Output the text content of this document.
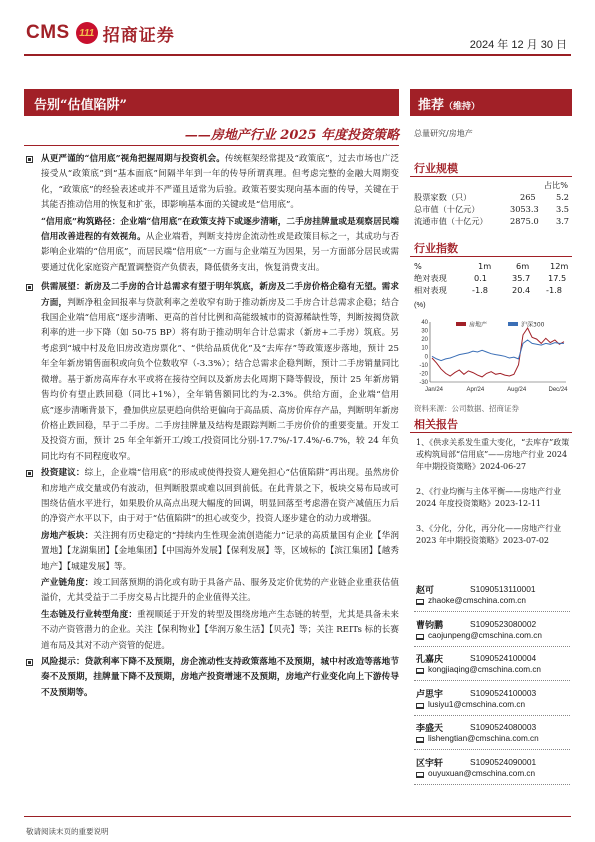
CMS 111 招商证券	2024 年 12 月 30 日
告别“估值陷阱”
——房地产行业 2025 年度投资策略
从更严谨的“信用底”视角把握周期与投资机会。传统框架经常提及“政策底”，过去市场也广泛接受从“政策底”到“基本面底”间隔半年到一年的传导所谓真理。但考虑完整的金融大周期变化，“政策底”的经验表述或并不严谨且适常为后验。政策若要实现向基本面的传导，关键在于其能否推动信用的恢复和扩张，即影响基本面的关键或是“信用底”。
“信用底”构筑路径：企业端“信用底”在政策支持下或逐步清晰，二手房挂牌量或是观察居民端信用改善进程的有效视角。从企业端看，判断支持房企流动性或是政策目标之一，其成功与否影响企业端的“信用底”，而居民端“信用底”一方面与企业端互为因果，另一方面部分居民或需要通过优化家庭资产配置调整资产负债表，降低债务支出，恢复消费支出。
供需展望：新房及二手房的合计总需求有望于明年筑底，新房及二手房价格企稳有无望。需求方面，判断净租金回报率与贷款利率之差收窄有助于推动新房及二手房合计总需求企稳；结合我国企业端“信用底”逐步清晰、更高的首付比例和高能级城市的资源稀缺性等，判断按揭贷款利率的进一步下降（如 50-75 BP）将有助于推动明年合计总需求（新房+二手房）筑底。另考虑到“城中村及危旧房改造房票化”、“供给品质优化”及“去库存”等政策逐步落地，预计 25 年全年新房销售面积或向负个位数收窄（-3.3%）；结合总需求企稳判断，预计二手房销量同比微增。基于新房高库存水平或将在接待空间以及新房去化周期下降等假设，预计 25 年新房销售均价有望止跌回稳（同比+1%），全年销售额同比约为-2.3%。供给方面，企业端“信用底”逐步清晰背景下，叠加供应层更趋向供给更偏向于高品质、高房价库存产品，判断明年新房价格止跌回稳，早于二手房。二手房挂牌量及结构是跟踪判断二手房价价的重要变量。开发工及投资方面，预计 25 年全年新开工/竣工/投资同比分别-17.7%/-17.4%/-6.7%，较 24 年负同比均有不同程度收窄。
投资建议：综上，企业端“信用底”的形成或使得投资人避免担心“估值陷阱”再出现。虽然房价和房地产成交量或仍有波动，但判断股票或难以回到前低。在此背景之下，板块交易布局或可围绕估值水平进行，如果股价从高点出现大幅度的回调，明显回落至考虑潜在资产减值压力后的净资产水平以下，由于对于“估值陷阱”的担心或变少，投资人逐步建仓的动力或增强。
房地产板块：关注拥有历史稳定的“持续内生性现金流创造能力”记录的高质量国有企业【华润置地】【龙湖集团】【金地集团】【中国海外发展】【保利发展】等，区域标的【滨江集团】【越秀地产】【城建发展】等。
产业链角度：竣工回落预期的消化或有助于具备产品、服务及定价优势的产业链企业重获估值溢价，尤其受益于二手房交易占比提升的企业值得关注。
生态链及行业转型角度：重视顺延于开发的转型及围绕房地产生态链的转型，尤其是具备未来不动产资管潜力的企业。关注【保利物业】【华润万象生活】【贝壳】等；关注 REITs 标的长赛道布局及其对不动产资管的促进。
风险提示：贷款利率下降不及预期，房企流动性支持政策落地不及预期，城中村改造等落地节奏不及预期，挂牌量下降不及预期，房地产投资增速不及预期，房地产行业变化向上下游传导不及预期等。
推荐（维持）
总量研究/房地产
行业规模
占比%
股票家数（只）	265 5.2
总市值（十亿元）	3053.3 3.5
流通市值（十亿元）	2875.0 3.7
行业指数
%	1m	6m	12m
绝对表现	0.1	35.7 17.5
相对表现	-1.8	20.4 -1.8
(%)
40
30
20
10
0
-10
-20
-30
Jan/24	Apr/24	Aug/24	Dec/24
房地产	沪深300
资料来源：公司数据、招商证券
相关报告
1、《供求关系发生重大变化，“去库存”政策或构筑局部“信用底”——房地产行业 2024 年中期投资策略》2024-06-27
2、《行业均衡与主体平衡——房地产行业 2024 年度投资策略》2023-12-11
3、《分化，分化，再分化——房地产行业2023 年中期投资策略》2023-07-02
赵可	S1090513110001
zhaoke@cmschina.com.cn
曹钧鹏	S1090523080002
caojunpeng@cmschina.com.cn
孔嘉庆	S1090524100004
kongjiaqing@cmschina.com.cn
卢思宇	S1090524100003
lusiyu1@cmschina.com.cn
李盛天	S1090524080003
lishengtian@cmschina.com.cn
区宇轩	S1090524090001
ouyuxuan@cmschina.com.cn
敬请阅读末页的重要说明
